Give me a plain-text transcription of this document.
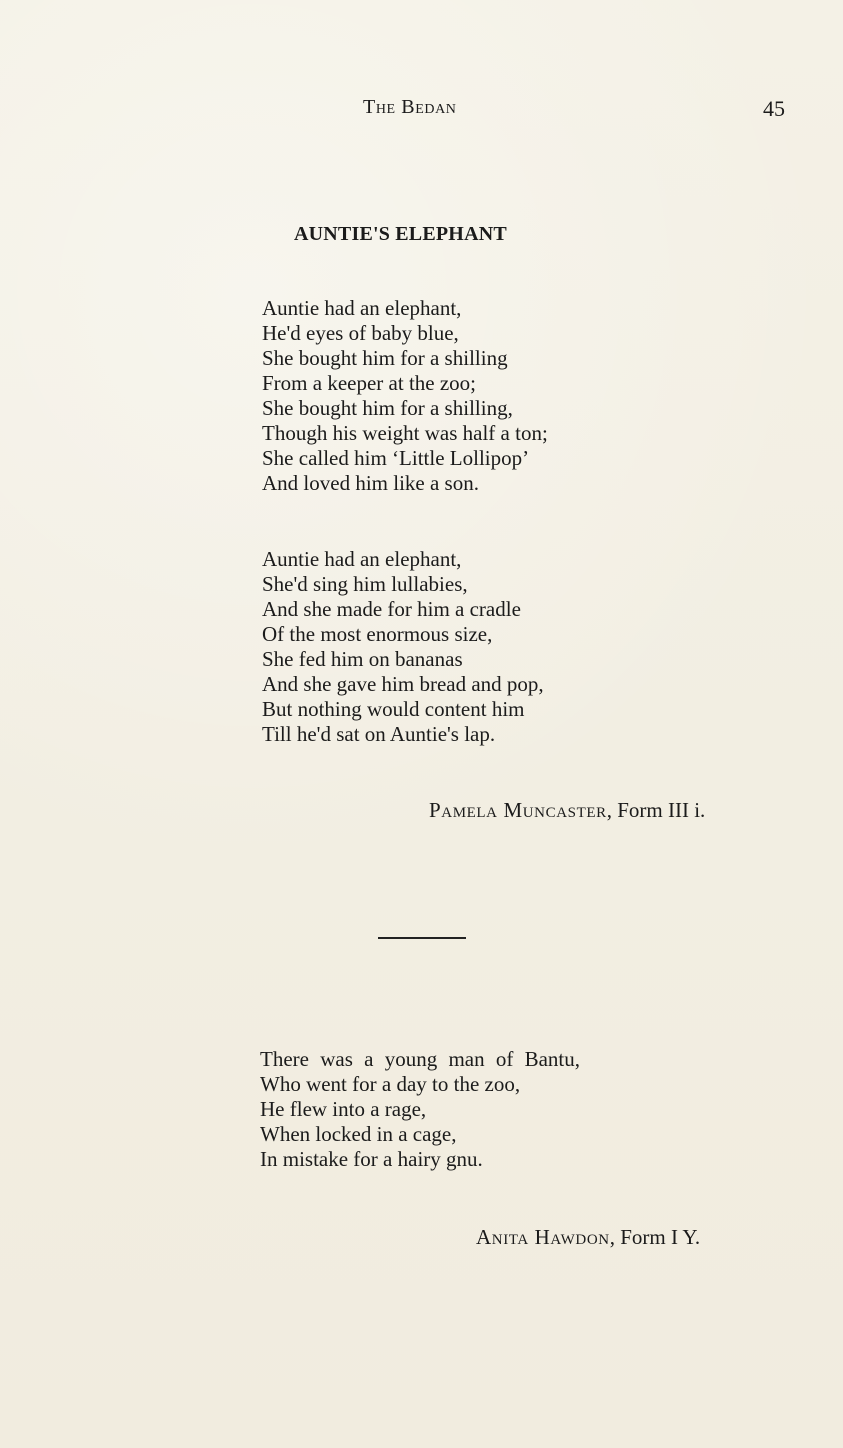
The Bedan	45
AUNTIE'S ELEPHANT
Auntie had an elephant,
He'd eyes of baby blue,
She bought him for a shilling
From a keeper at the zoo;
She bought him for a shilling,
Though his weight was half a ton;
She called him ‘Little Lollipop’
And loved him like a son.
Auntie had an elephant,
She'd sing him lullabies,
And she made for him a cradle
Of the most enormous size,
She fed him on bananas
And she gave him bread and pop,
But nothing would content him
Till he'd sat on Auntie's lap.
Pamela Muncaster, Form III i.
There was a young man of Bantu,
Who went for a day to the zoo,
He flew into a rage,
When locked in a cage,
In mistake for a hairy gnu.
Anita Hawdon, Form I Y.
